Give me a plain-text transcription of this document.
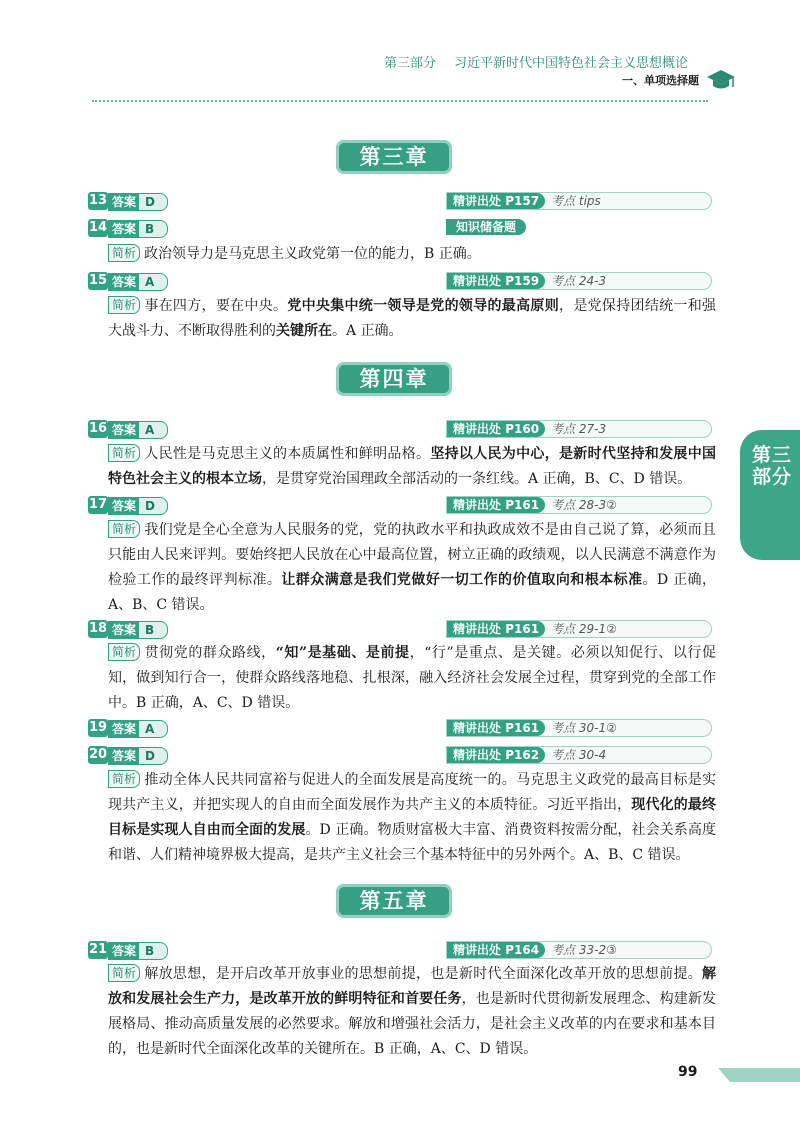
第三部分 习近平新时代中国特色社会主义思想概论
一、单项选择题
第三章
13 答案 D	精讲出处 P157 考点 tips
14 答案 B	知识储备题
简析 政治领导力是马克思主义政党第一位的能力，B 正确。
15 答案 A	精讲出处 P159 考点 24-3
简析 事在四方，要在中央。党中央集中统一领导是党的领导的最高原则，是党保持团结统一和强大战斗力、不断取得胜利的关键所在。A 正确。
第四章
16 答案 A	精讲出处 P160 考点 27-3
简析 人民性是马克思主义的本质属性和鲜明品格。坚持以人民为中心，是新时代坚持和发展中国特色社会主义的根本立场，是贯穿党治国理政全部活动的一条红线。A 正确，B、C、D 错误。
17 答案 D	精讲出处 P161 考点 28-3②
简析 我们党是全心全意为人民服务的党，党的执政水平和执政成效不是由自己说了算，必须而且只能由人民来评判。要始终把人民放在心中最高位置，树立正确的政绩观，以人民满意不满意作为检验工作的最终评判标准。让群众满意是我们党做好一切工作的价值取向和根本标准。D 正确，A、B、C 错误。
18 答案 B	精讲出处 P161 考点 29-1②
简析 贯彻党的群众路线，“知”是基础、是前提，“行”是重点、是关键。必须以知促行、以行促知，做到知行合一，使群众路线落地稳、扎根深，融入经济社会发展全过程，贯穿到党的全部工作中。B 正确，A、C、D 错误。
19 答案 A	精讲出处 P161 考点 30-1②
20 答案 D	精讲出处 P162 考点 30-4
简析 推动全体人民共同富裕与促进人的全面发展是高度统一的。马克思主义政党的最高目标是实现共产主义，并把实现人的自由而全面发展作为共产主义的本质特征。习近平指出，现代化的最终目标是实现人自由而全面的发展。D 正确。物质财富极大丰富、消费资料按需分配，社会关系高度和谐、人们精神境界极大提高，是共产主义社会三个基本特征中的另外两个。A、B、C 错误。
第五章
21 答案 B	精讲出处 P164 考点 33-2③
简析 解放思想，是开启改革开放事业的思想前提，也是新时代全面深化改革开放的思想前提。解放和发展社会生产力，是改革开放的鲜明特征和首要任务，也是新时代贯彻新发展理念、构建新发展格局、推动高质量发展的必然要求。解放和增强社会活力，是社会主义改革的内在要求和基本目的，也是新时代全面深化改革的关键所在。B 正确，A、C、D 错误。
第三部分
99
